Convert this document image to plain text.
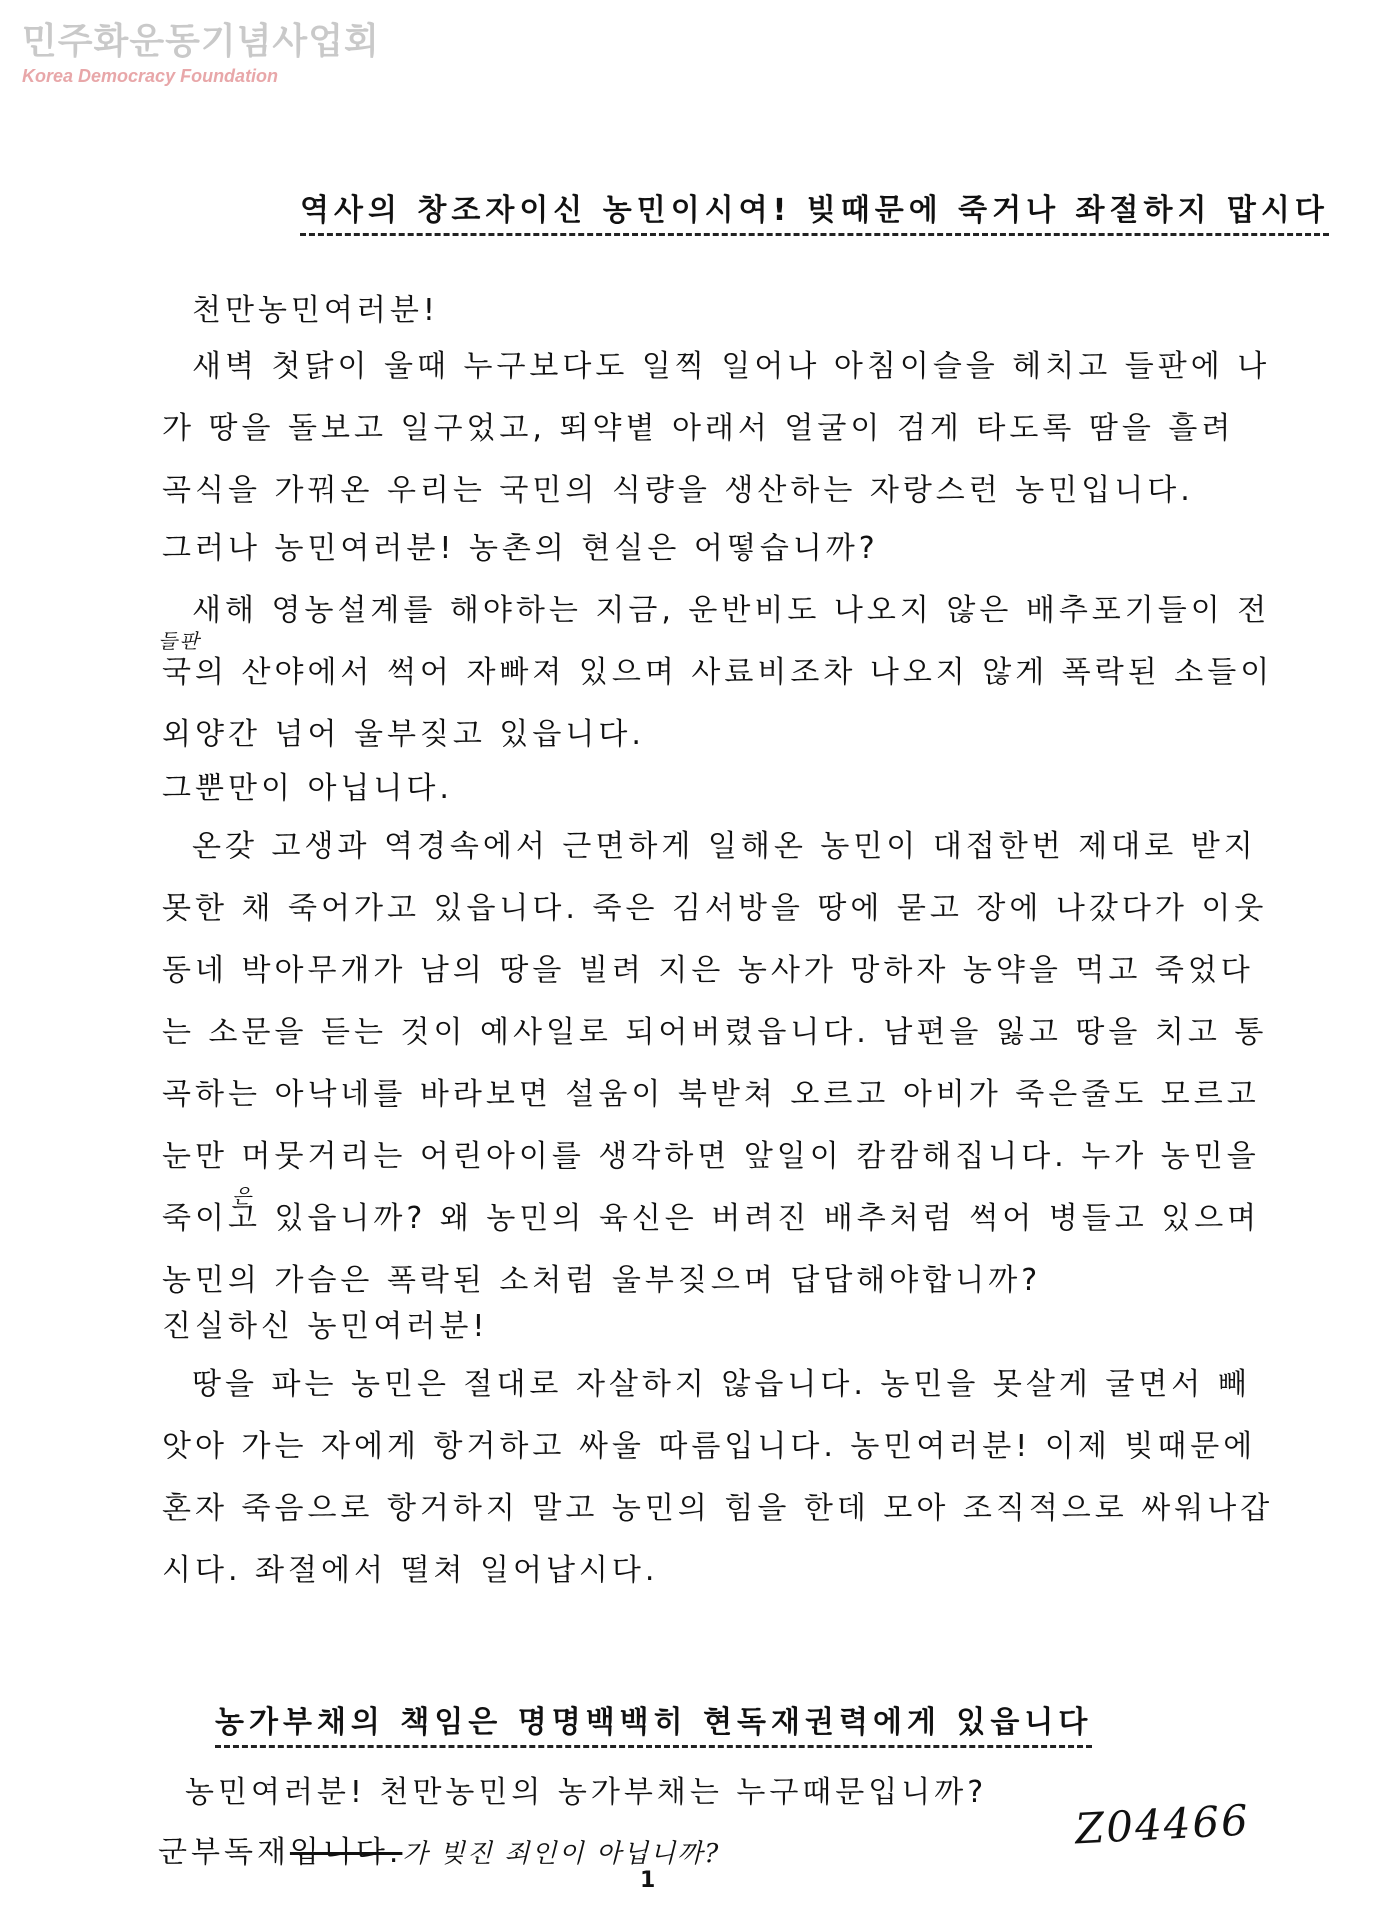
민주화운동기념사업회
Korea Democracy Foundation
역사의 창조자이신 농민이시여! 빚때문에 죽거나 좌절하지 맙시다
천만농민여러분!
새벽 첫닭이 울때 누구보다도 일찍 일어나 아침이슬을 헤치고 들판에 나가 땅을 돌보고 일구었고, 뙤약볕 아래서 얼굴이 검게 타도록 땀을 흘려 곡식을 가꿔온 우리는 국민의 식량을 생산하는 자랑스런 농민입니다.
그러나 농민여러분! 농촌의 현실은 어떻습니까?
새해 영농설계를 해야하는 지금, 운반비도 나오지 않은 배추포기들이 전국의 산야에서 썩어 자빠져 있으며 사료비조차 나오지 않게 폭락된 소들이 외양간 넘어 울부짖고 있읍니다.
그뿐만이 아닙니다.
온갖 고생과 역경속에서 근면하게 일해온 농민이 대접한번 제대로 받지 못한 채 죽어가고 있읍니다. 죽은 김서방을 땅에 묻고 장에 나갔다가 이웃동네 박아무개가 남의 땅을 빌려 지은 농사가 망하자 농약을 먹고 죽었다는 소문을 듣는 것이 예사일로 되어버렸읍니다. 남편을 잃고 땅을 치고 통곡하는 아낙네를 바라보면 설움이 북받쳐 오르고 아비가 죽은줄도 모르고 눈만 머뭇거리는 어린아이를 생각하면 앞일이 캄캄해집니다. 누가 농민을 죽이고 있읍니까? 왜 농민의 육신은 버려진 배추처럼 썩어 병들고 있으며 농민의 가슴은 폭락된 소처럼 울부짖으며 답답해야합니까?
진실하신 농민여러분!
땅을 파는 농민은 절대로 자살하지 않읍니다. 농민을 못살게 굴면서 빼앗아 가는 자에게 항거하고 싸울 따름입니다. 농민여러분! 이제 빚때문에 혼자 죽음으로 항거하지 말고 농민의 힘을 한데 모아 조직적으로 싸워나갑시다. 좌절에서 떨쳐 일어납시다.
들판
은
농가부채의 책임은 명명백백히 현독재권력에게 있읍니다
농민여러분! 천만농민의 농가부채는 누구때문입니까?
군부독재입니다.가 빚진 죄인이 아닙니까?
Z04466
1
